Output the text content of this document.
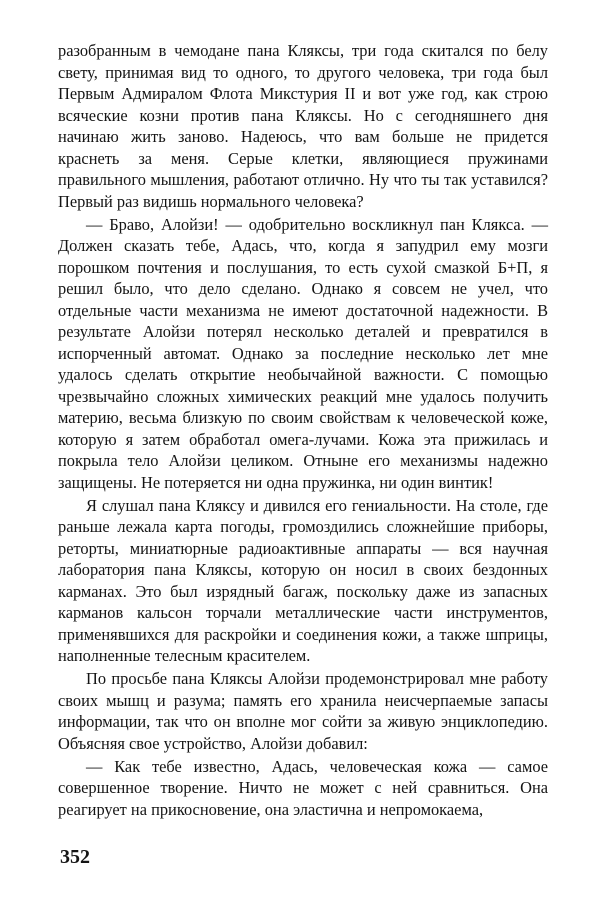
разобранным в чемодане пана Кляксы, три года скитался по белу свету, принимая вид то одного, то другого человека, три года был Первым Адмиралом Флота Микстурия II и вот уже год, как строю всяческие козни против пана Кляксы. Но с сегодняшнего дня начинаю жить заново. Надеюсь, что вам больше не придется краснеть за меня. Серые клетки, являющиеся пружинами правильного мышления, работают отлично. Ну что ты так уставился? Первый раз видишь нормального человека?

— Браво, Алойзи! — одобрительно воскликнул пан Клякса. — Должен сказать тебе, Адась, что, когда я запудрил ему мозги порошком почтения и послушания, то есть сухой смазкой Б+П, я решил было, что дело сделано. Однако я совсем не учел, что отдельные части механизма не имеют достаточной надежности. В результате Алойзи потерял несколько деталей и превратился в испорченный автомат. Однако за последние несколько лет мне удалось сделать открытие необычайной важности. С помощью чрезвычайно сложных химических реакций мне удалось получить материю, весьма близкую по своим свойствам к человеческой коже, которую я затем обработал омега-лучами. Кожа эта прижилась и покрыла тело Алойзи целиком. Отныне его механизмы надежно защищены. Не потеряется ни одна пружинка, ни один винтик!

Я слушал пана Кляксу и дивился его гениальности. На столе, где раньше лежала карта погоды, громоздились сложнейшие приборы, реторты, миниатюрные радиоактивные аппараты — вся научная лаборатория пана Кляксы, которую он носил в своих бездонных карманах. Это был изрядный багаж, поскольку даже из запасных карманов кальсон торчали металлические части инструментов, применявшихся для раскройки и соединения кожи, а также шприцы, наполненные телесным красителем.

По просьбе пана Кляксы Алойзи продемонстрировал мне работу своих мышц и разума; память его хранила неисчерпаемые запасы информации, так что он вполне мог сойти за живую энциклопедию. Объясняя свое устройство, Алойзи добавил:

— Как тебе известно, Адась, человеческая кожа — самое совершенное творение. Ничто не может с ней сравниться. Она реагирует на прикосновение, она эластична и непромокаема,

352
